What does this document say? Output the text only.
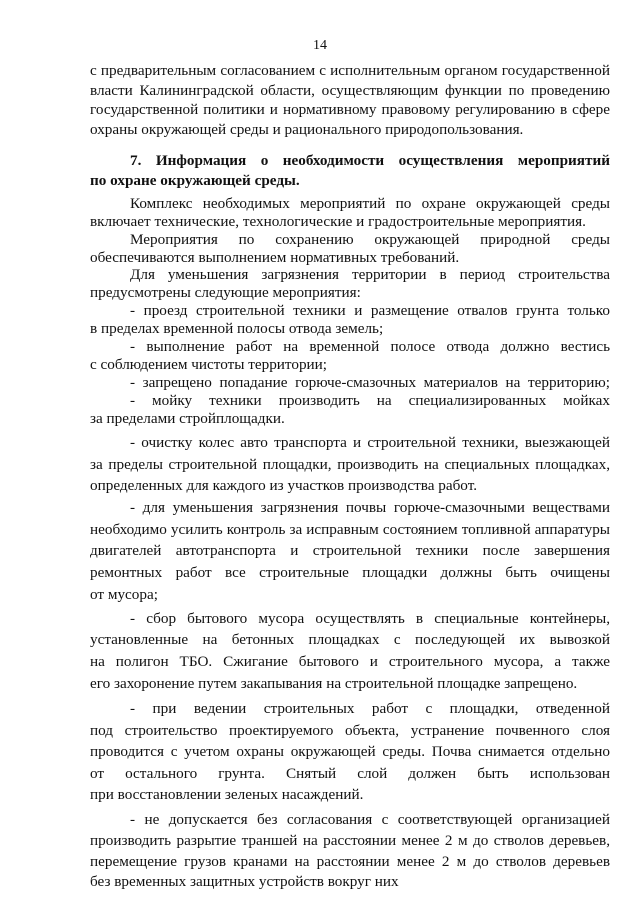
14
с предварительным согласованием с исполнительным органом государственной
власти Калининградской области, осуществляющим функции по проведению
государственной политики и нормативному правовому регулированию в сфере
охраны окружающей среды и рационального природопользования.
7. Информация о необходимости осуществления мероприятий
по охране окружающей среды.
Комплекс необходимых мероприятий по охране окружающей среды
включает технические, технологические и градостроительные мероприятия.
Мероприятия по сохранению окружающей природной среды
обеспечиваются выполнением нормативных требований.
Для уменьшения загрязнения территории в период строительства
предусмотрены следующие мероприятия:
- проезд строительной техники и размещение отвалов грунта только
в пределах временной полосы отвода земель;
- выполнение работ на временной полосе отвода должно вестись
с соблюдением чистоты территории;
- запрещено попадание горюче-смазочных материалов на территорию;
- мойку техники производить на специализированных мойках
за пределами стройплощадки.
- очистку колес авто транспорта и строительной техники, выезжающей
за пределы строительной площадки, производить на специальных площадках,
определенных для каждого из участков производства работ.
- для уменьшения загрязнения почвы горюче-смазочными веществами
необходимо усилить контроль за исправным состоянием топливной аппаратуры
двигателей автотранспорта и строительной техники после завершения
ремонтных работ все строительные площадки должны быть очищены
от мусора;
- сбор бытового мусора осуществлять в специальные контейнеры,
установленные на бетонных площадках с последующей их вывозкой
на полигон ТБО. Сжигание бытового и строительного мусора, а также
его захоронение путем закапывания на строительной площадке запрещено.
- при ведении строительных работ с площадки, отведенной
под строительство проектируемого объекта, устранение почвенного слоя
проводится с учетом охраны окружающей среды. Почва снимается отдельно
от остального грунта. Снятый слой должен быть использован
при восстановлении зеленых насаждений.
- не допускается без согласования с соответствующей организацией
производить разрытие траншей на расстоянии менее 2 м до стволов деревьев,
перемещение грузов кранами на расстоянии менее 2 м до стволов деревьев
без временных защитных устройств вокруг них
